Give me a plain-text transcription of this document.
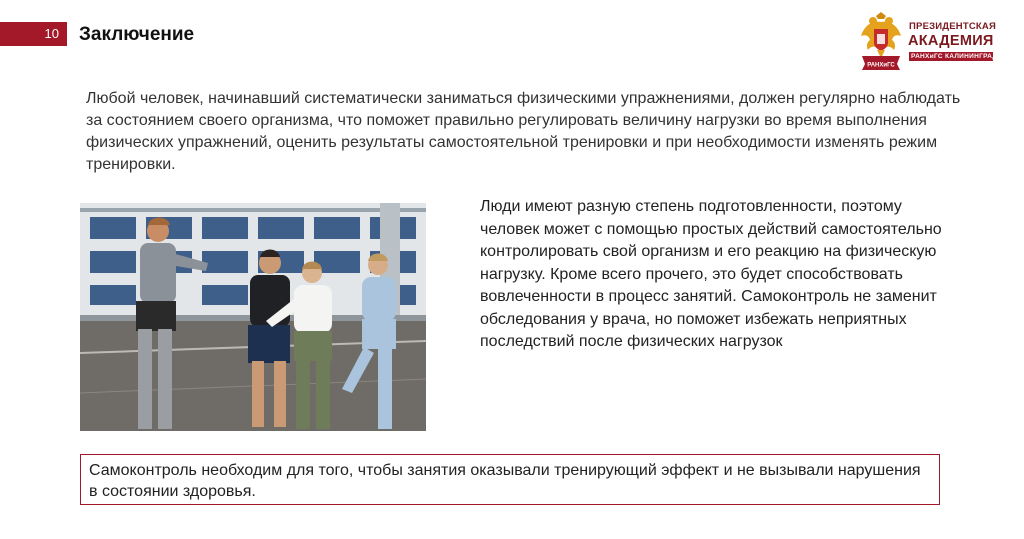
10	Заключение
РАНХиГС
ПРЕЗИДЕНТСКАЯ
АКАДЕМИЯ
РАНХиГС КАЛИНИНГРАД
Любой человек, начинавший систематически заниматься физическими упражнениями, должен регулярно наблюдать за состоянием своего организма, что поможет правильно регулировать величину нагрузки во время выполнения физических упражнений, оценить результаты самостоятельной тренировки и при необходимости изменять режим тренировки.
Люди имеют разную степень подготовленности, поэтому человек может с помощью простых действий самостоятельно контролировать свой организм и его реакцию на физическую нагрузку. Кроме всего прочего, это будет способствовать вовлеченности в процесс занятий. Самоконтроль не заменит обследования у врача, но поможет избежать неприятных последствий после физических нагрузок
Самоконтроль необходим для того, чтобы занятия оказывали тренирующий эффект и не вызывали нарушения в состоянии здоровья.
